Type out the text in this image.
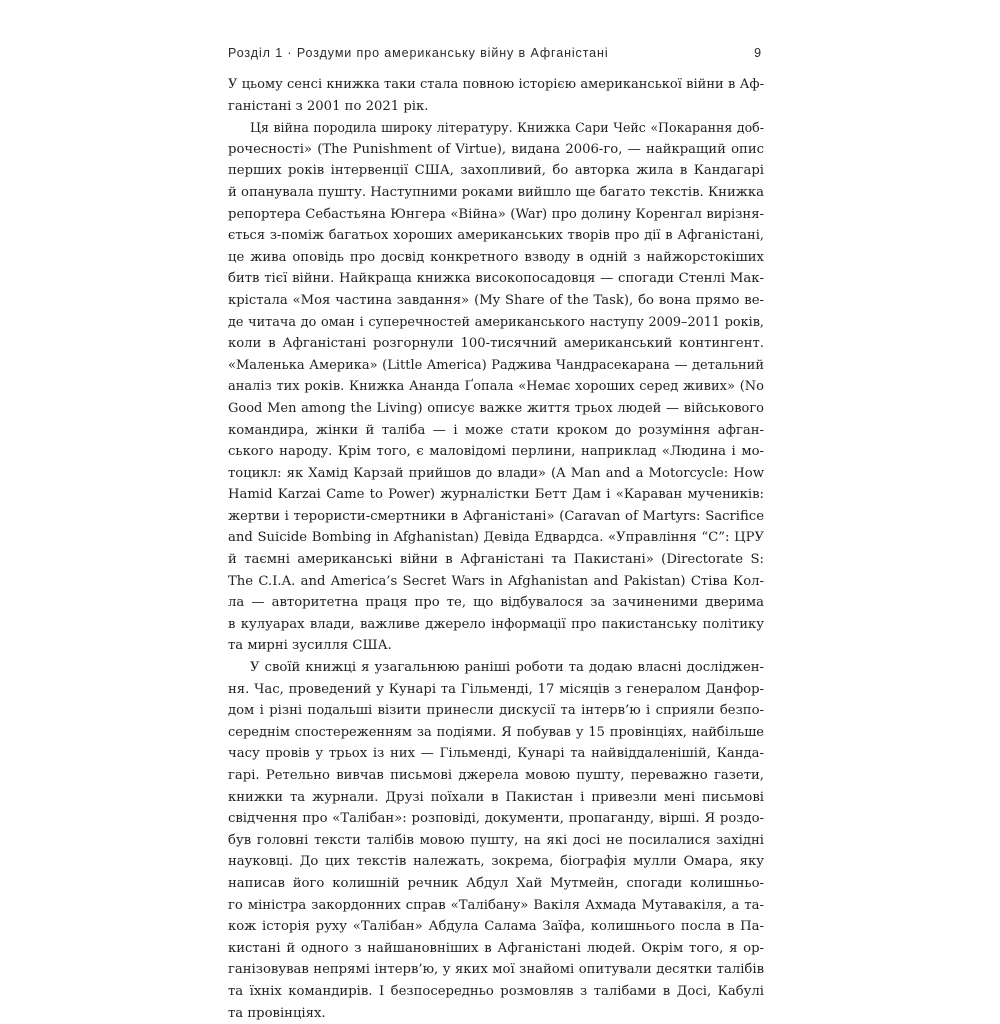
Розділ 1 · Роздуми про американську війну в Афганістані	9
У цьому сенсі книжка таки стала повною історією американської війни в Аф-
ганістані з 2001 по 2021 рік.
Ця війна породила широку літературу. Книжка Сари Чейс «Покарання доб-
рочесності» (The Punishment of Virtue), видана 2006-го, — найкращий опис
перших років інтервенції США, захопливий, бо авторка жила в Кандагарі
й опанувала пушту. Наступними роками вийшло ще багато текстів. Книжка
репортера Себастьяна Юнгера «Війна» (War) про долину Коренгал вирізня-
ється з-поміж багатьох хороших американських творів про дії в Афганістані,
це жива оповідь про досвід конкретного взводу в одній з найжорстокіших
битв тієї війни. Найкраща книжка високопосадовця — спогади Стенлі Мак-
крістала «Моя частина завдання» (My Share of the Task), бо вона прямо ве-
де читача до оман і суперечностей американського наступу 2009–2011 років,
коли в Афганістані розгорнули 100-тисячний американський контингент.
«Маленька Америка» (Little America) Раджива Чандрасекарана — детальний
аналіз тих років. Книжка Ананда Ґопала «Немає хороших серед живих» (No
Good Men among the Living) описує важке життя трьох людей — військового
командира, жінки й таліба — і може стати кроком до розуміння афган-
ського народу. Крім того, є маловідомі перлини, наприклад «Людина і мо-
тоцикл: як Хамід Карзай прийшов до влади» (A Man and a Motorcycle: How
Hamid Karzai Came to Power) журналістки Бетт Дам і «Караван мучеників:
жертви і терористи-смертники в Афганістані» (Caravan of Martyrs: Sacrifice
and Suicide Bombing in Afghanistan) Девіда Едвардса. «Управління “С”: ЦРУ
й таємні американські війни в Афганістані та Пакистані» (Directorate S:
The C.I.A. and America’s Secret Wars in Afghanistan and Pakistan) Стіва Кол-
ла — авторитетна праця про те, що відбувалося за зачиненими дверима
в кулуарах влади, важливе джерело інформації про пакистанську політику
та мирні зусилля США.
У своїй книжці я узагальнюю раніші роботи та додаю власні досліджен-
ня. Час, проведений у Кунарі та Гільменді, 17 місяців з генералом Данфор-
дом і різні подальші візити принесли дискусії та інтерв’ю і сприяли безпо-
середнім спостереженням за подіями. Я побував у 15 провінціях, найбільше
часу провів у трьох із них — Гільменді, Кунарі та найвіддаленішій, Канда-
гарі. Ретельно вивчав письмові джерела мовою пушту, переважно газети,
книжки та журнали. Друзі поїхали в Пакистан і привезли мені письмові
свідчення про «Талібан»: розповіді, документи, пропаганду, вірші. Я роздо-
був головні тексти талібів мовою пушту, на які досі не посилалися західні
науковці. До цих текстів належать, зокрема, біографія мулли Омара, яку
написав його колишній речник Абдул Хай Мутмейн, спогади колишньо-
го міністра закордонних справ «Талібану» Вакіля Ахмада Мутавакіля, а та-
кож історія руху «Талібан» Абдула Салама Заїфа, колишнього посла в Па-
кистані й одного з найшановніших в Афганістані людей. Окрім того, я ор-
ганізовував непрямі інтерв’ю, у яких мої знайомі опитували десятки талібів
та їхніх командирів. І безпосередньо розмовляв з талібами в Досі, Кабулі
та провінціях.
